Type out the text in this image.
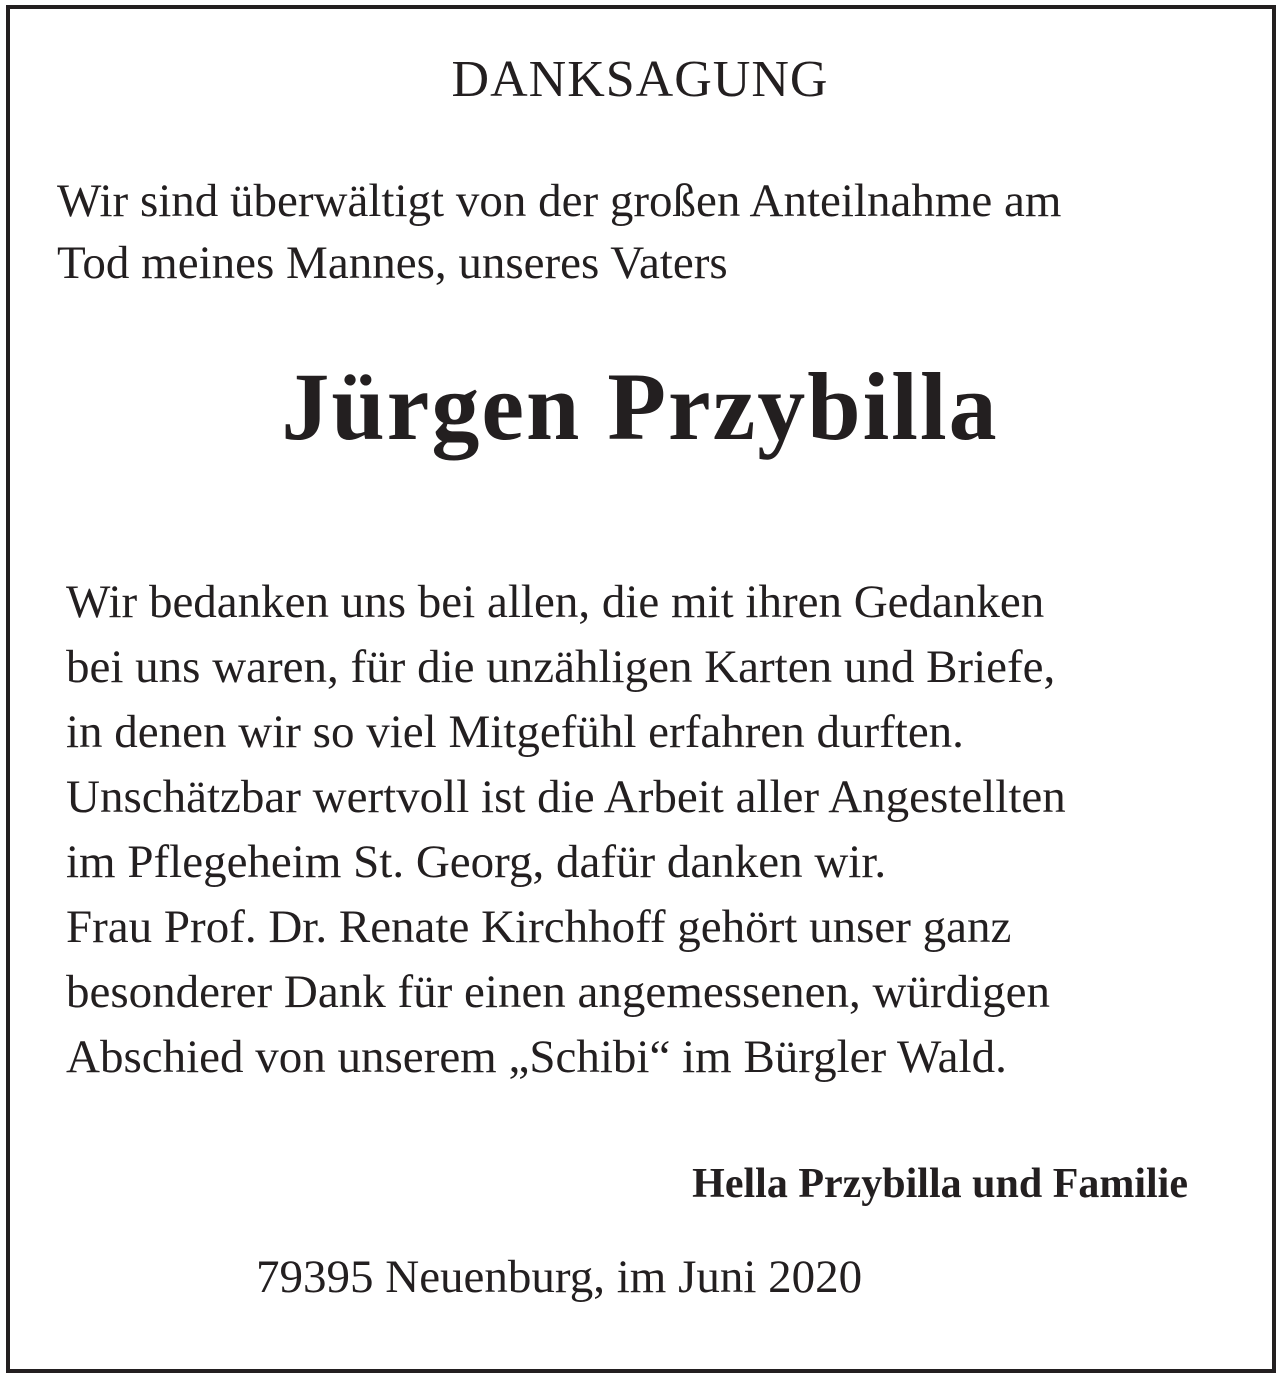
DANKSAGUNG
Wir sind überwältigt von der großen Anteilnahme am
Tod meines Mannes, unseres Vaters
Jürgen Przybilla
Wir bedanken uns bei allen, die mit ihren Gedanken
bei uns waren, für die unzähligen Karten und Briefe,
in denen wir so viel Mitgefühl erfahren durften.
Unschätzbar wertvoll ist die Arbeit aller Angestellten
im Pflegeheim St. Georg, dafür danken wir.
Frau Prof. Dr. Renate Kirchhoff gehört unser ganz
besonderer Dank für einen angemessenen, würdigen
Abschied von unserem „Schibi“ im Bürgler Wald.
Hella Przybilla und Familie
79395 Neuenburg, im Juni 2020
